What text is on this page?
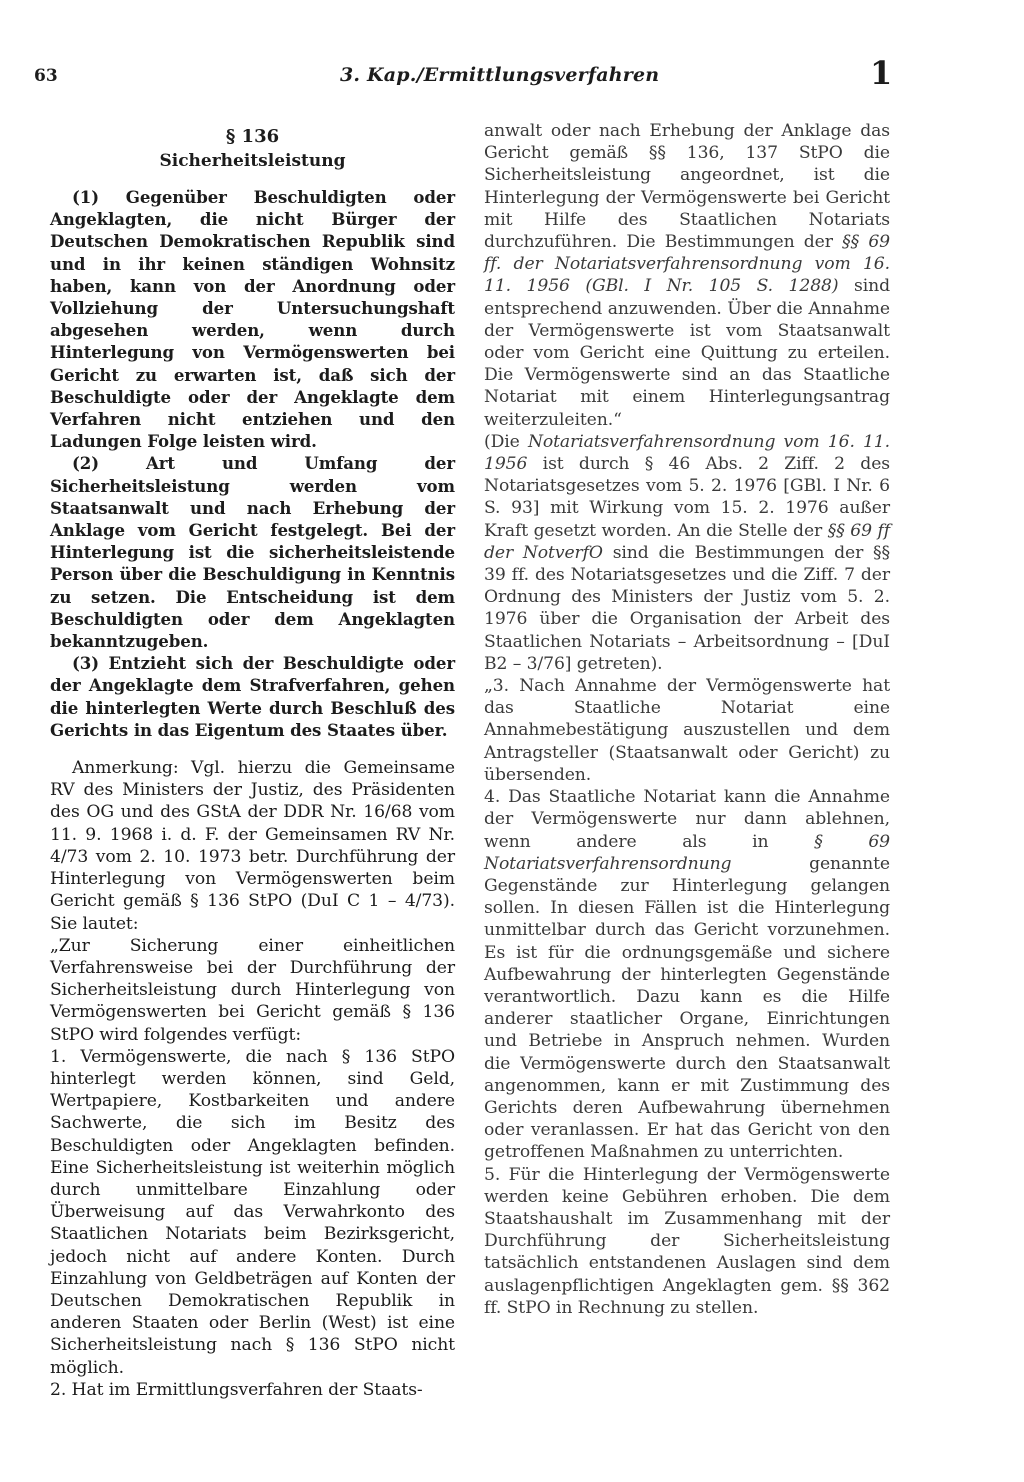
63	3. Kap./Ermittlungsverfahren	1
§ 136
Sicherheitsleistung

(1) Gegenüber Beschuldigten oder Angeklagten, die nicht Bürger der Deutschen Demokratischen Republik sind und in ihr keinen ständigen Wohnsitz haben, kann von der Anordnung oder Vollziehung der Untersuchungshaft abgesehen werden, wenn durch Hinterlegung von Vermögenswerten bei Gericht zu erwarten ist, daß sich der Beschuldigte oder der Angeklagte dem Verfahren nicht entziehen und den Ladungen Folge leisten wird.

(2) Art und Umfang der Sicherheitsleistung werden vom Staatsanwalt und nach Erhebung der Anklage vom Gericht festgelegt. Bei der Hinterlegung ist die sicherheitsleistende Person über die Beschuldigung in Kenntnis zu setzen. Die Entscheidung ist dem Beschuldigten oder dem Angeklagten bekanntzugeben.

(3) Entzieht sich der Beschuldigte oder der Angeklagte dem Strafverfahren, gehen die hinterlegten Werte durch Beschluß des Gerichts in das Eigentum des Staates über.

Anmerkung: Vgl. hierzu die Gemeinsame RV des Ministers der Justiz, des Präsidenten des OG und des GStA der DDR Nr. 16/68 vom 11. 9. 1968 i. d. F. der Gemeinsamen RV Nr. 4/73 vom 2. 10. 1973 betr. Durchführung der Hinterlegung von Vermögenswerten beim Gericht gemäß § 136 StPO (DuI C 1 – 4/73). Sie lautet:

„Zur Sicherung einer einheitlichen Verfahrensweise bei der Durchführung der Sicherheitsleistung durch Hinterlegung von Vermögenswerten bei Gericht gemäß § 136 StPO wird folgendes verfügt:

1. Vermögenswerte, die nach § 136 StPO hinterlegt werden können, sind Geld, Wertpapiere, Kostbarkeiten und andere Sachwerte, die sich im Besitz des Beschuldigten oder Angeklagten befinden. Eine Sicherheitsleistung ist weiterhin möglich durch unmittelbare Einzahlung oder Überweisung auf das Verwahrkonto des Staatlichen Notariats beim Bezirksgericht, jedoch nicht auf andere Konten. Durch Einzahlung von Geldbeträgen auf Konten der Deutschen Demokratischen Republik in anderen Staaten oder Berlin (West) ist eine Sicherheitsleistung nach § 136 StPO nicht möglich.

2. Hat im Ermittlungsverfahren der Staats-

anwalt oder nach Erhebung der Anklage das Gericht gemäß §§ 136, 137 StPO die Sicherheitsleistung angeordnet, ist die Hinterlegung der Vermögenswerte bei Gericht mit Hilfe des Staatlichen Notariats durchzuführen. Die Bestimmungen der §§ 69 ff. der Notariatsverfahrensordnung vom 16. 11. 1956 (GBl. I Nr. 105 S. 1288) sind entsprechend anzuwenden. Über die Annahme der Vermögenswerte ist vom Staatsanwalt oder vom Gericht eine Quittung zu erteilen. Die Vermögenswerte sind an das Staatliche Notariat mit einem Hinterlegungsantrag weiterzuleiten.“

(Die Notariatsverfahrensordnung vom 16. 11. 1956 ist durch § 46 Abs. 2 Ziff. 2 des Notariatsgesetzes vom 5. 2. 1976 [GBl. I Nr. 6 S. 93] mit Wirkung vom 15. 2. 1976 außer Kraft gesetzt worden. An die Stelle der §§ 69 ff der NotverfO sind die Bestimmungen der §§ 39 ff. des Notariatsgesetzes und die Ziff. 7 der Ordnung des Ministers der Justiz vom 5. 2. 1976 über die Organisation der Arbeit des Staatlichen Notariats – Arbeitsordnung – [DuI B2 – 3/76] getreten).

„3. Nach Annahme der Vermögenswerte hat das Staatliche Notariat eine Annahmebestätigung auszustellen und dem Antragsteller (Staatsanwalt oder Gericht) zu übersenden.

4. Das Staatliche Notariat kann die Annahme der Vermögenswerte nur dann ablehnen, wenn andere als in	§ 69 Notariatsverfahrensordnung	genannte Gegenstände zur Hinterlegung gelangen sollen. In diesen Fällen ist die Hinterlegung unmittelbar durch das Gericht vorzunehmen. Es ist für die ordnungsgemäße und sichere Aufbewahrung der hinterlegten Gegenstände verantwortlich. Dazu kann es die Hilfe anderer staatlicher Organe, Einrichtungen und Betriebe in Anspruch nehmen. Wurden die Vermögenswerte durch den Staatsanwalt angenommen, kann er mit Zustimmung des Gerichts deren Aufbewahrung übernehmen oder veranlassen. Er hat das Gericht von den getroffenen Maßnahmen zu unterrichten.

5. Für die Hinterlegung der Vermögenswerte werden keine Gebühren erhoben. Die dem Staatshaushalt im Zusammenhang mit der Durchführung der Sicherheitsleistung tatsächlich entstandenen Auslagen sind dem auslagenpflichtigen Angeklagten gem. §§ 362 ff. StPO in Rechnung zu stellen.
